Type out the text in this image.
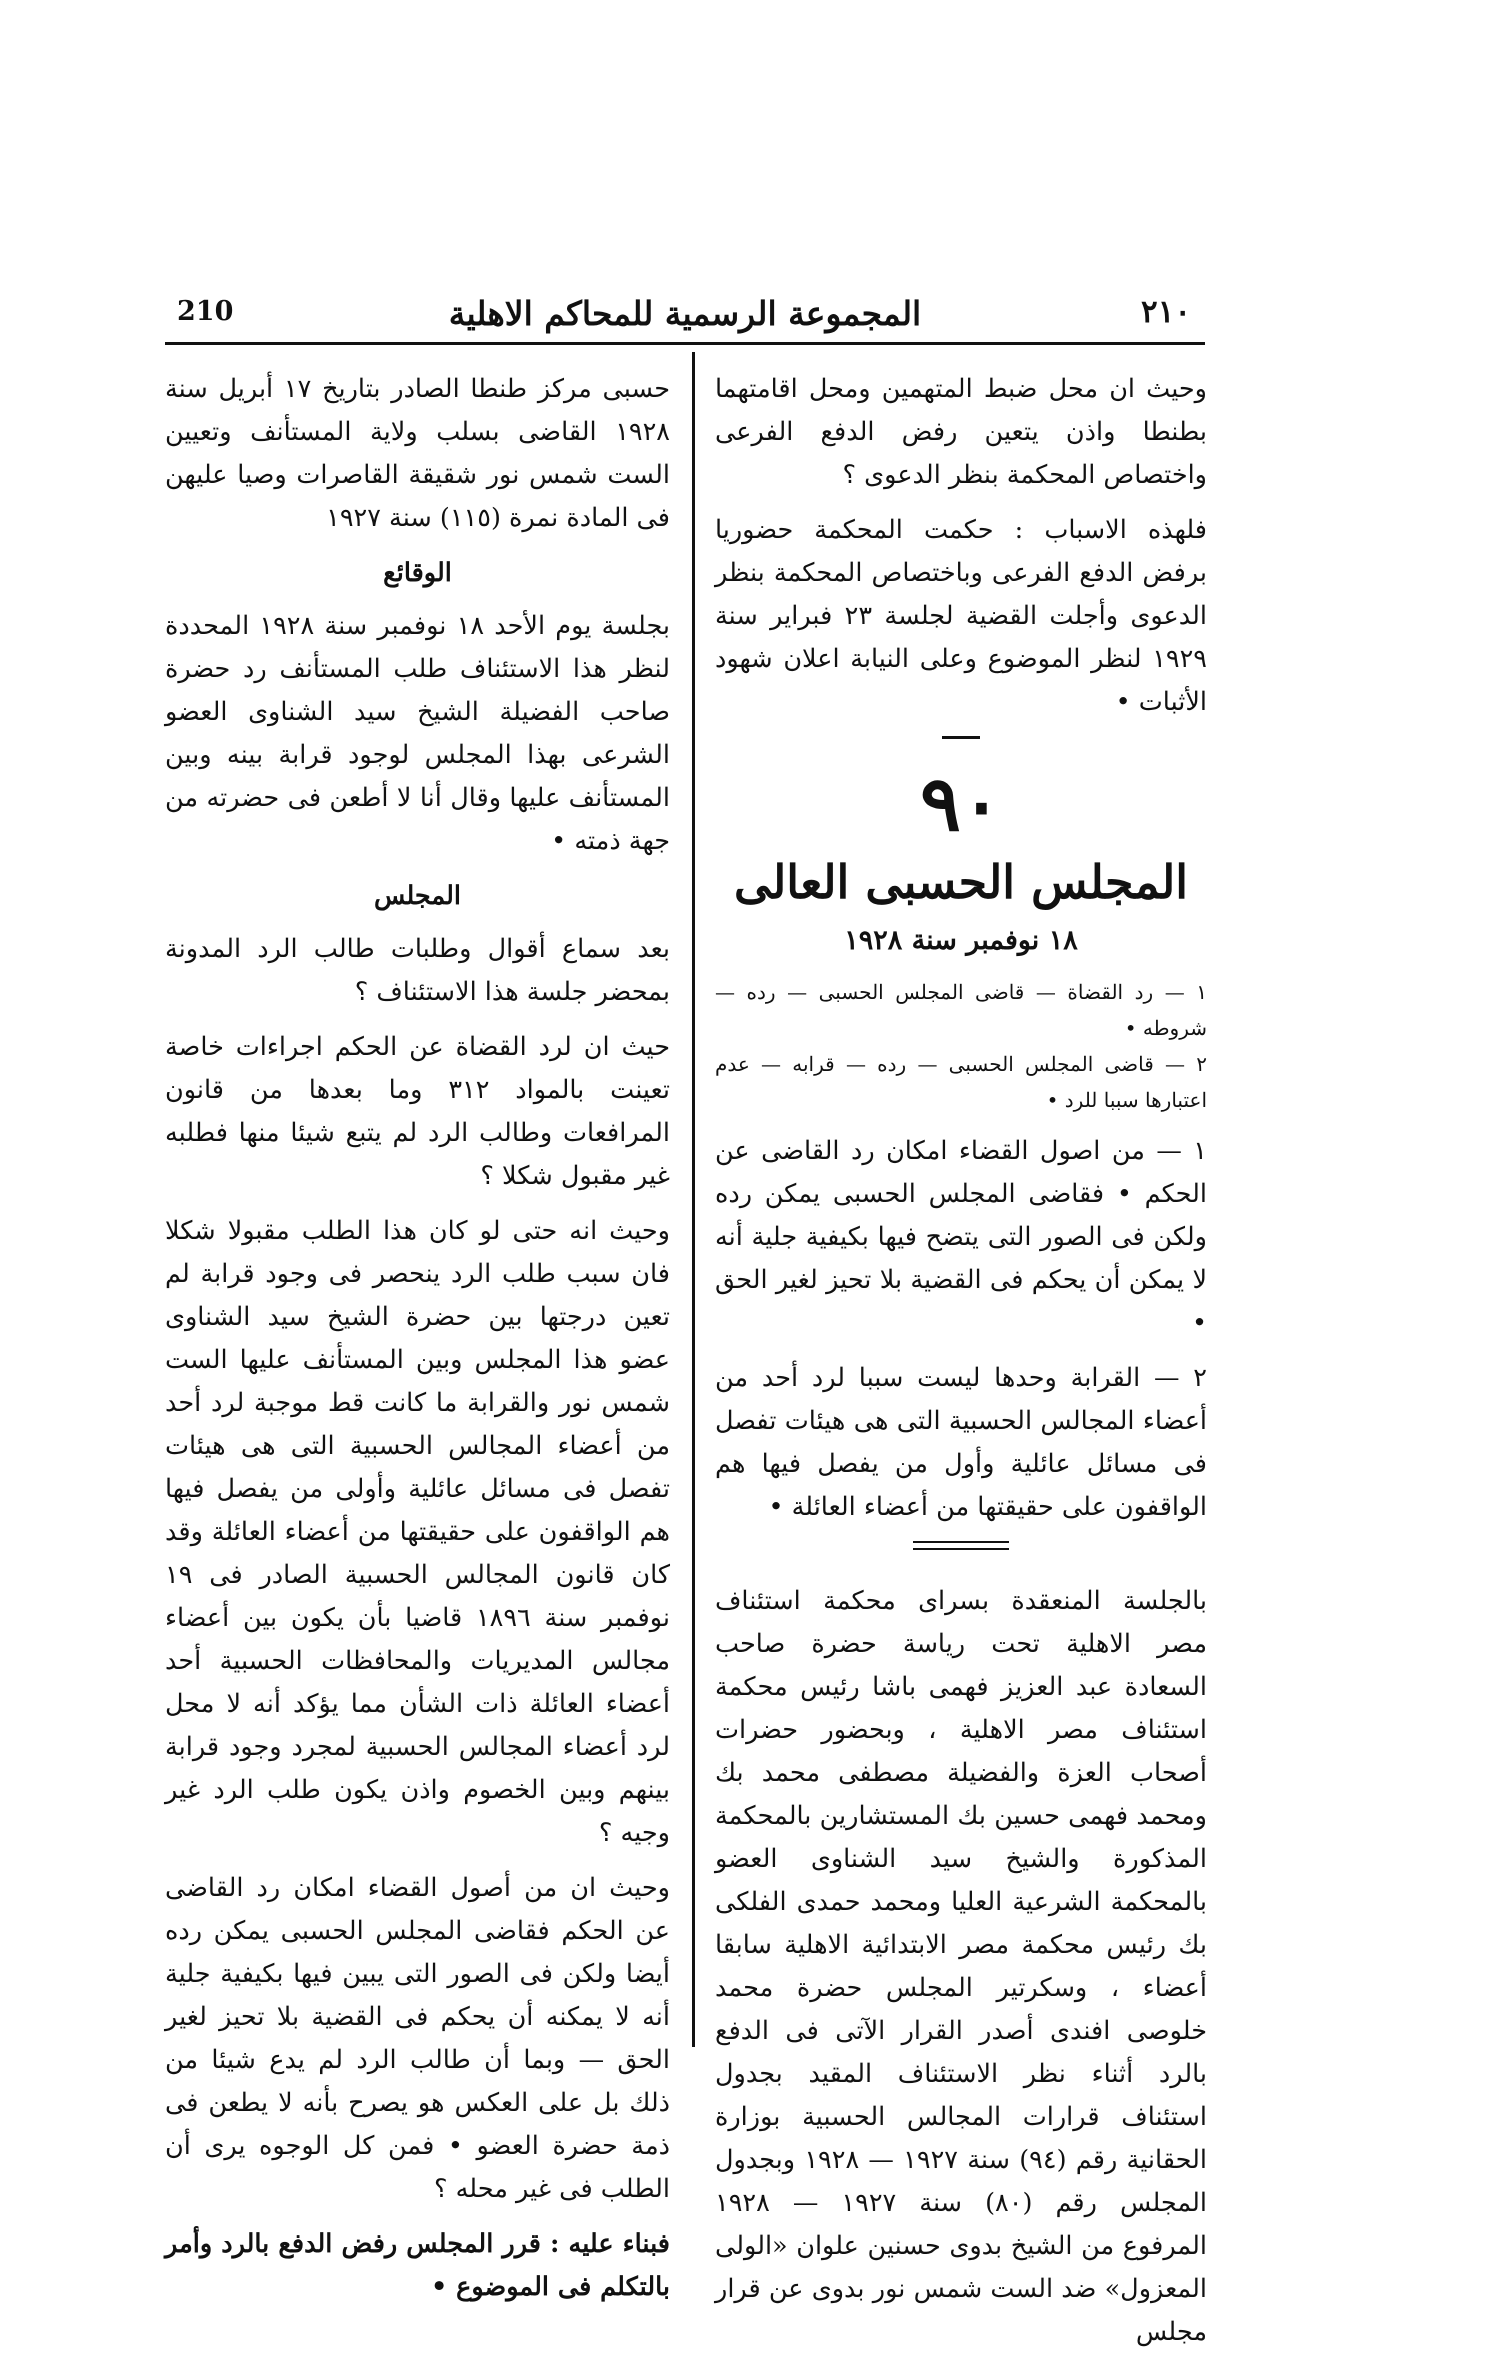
210	المجموعة الرسمية للمحاكم الاهلية	٢١٠

وحيث ان محل ضبط المتهمين ومحل اقامتهما بطنطا واذن يتعين رفض الدفع الفرعى واختصاص المحكمة بنظر الدعوى ؟

فلهذه الاسباب : حكمت المحكمة حضوريا برفض الدفع الفرعى وباختصاص المحكمة بنظر الدعوى وأجلت القضية لجلسة ٢٣ فبراير سنة ١٩٢٩ لنظر الموضوع وعلى النيابة اعلان شهود الأثبات •

٩٠
المجلس الحسبى العالى
١٨ نوفمبر سنة ١٩٢٨
١ — رد القضاة — قاضى المجلس الحسبى — رده — شروطه •
٢ — قاضى المجلس الحسبى — رده — قرابه — عدم اعتبارها سببا للرد •

١ — من اصول القضاء امكان رد القاضى عن الحكم • فقاضى المجلس الحسبى يمكن رده ولكن فى الصور التى يتضح فيها بكيفية جلية أنه لا يمكن أن يحكم فى القضية بلا تحيز لغير الحق •

٢ — القرابة وحدها ليست سببا لرد أحد من أعضاء المجالس الحسبية التى هى هيئات تفصل فى مسائل عائلية وأول من يفصل فيها هم الواقفون على حقيقتها من أعضاء العائلة •

بالجلسة المنعقدة بسراى محكمة استئناف مصر الاهلية تحت رياسة حضرة صاحب السعادة عبد العزيز فهمى باشا رئيس محكمة استئناف مصر الاهلية ، وبحضور حضرات أصحاب العزة والفضيلة مصطفى محمد بك ومحمد فهمى حسين بك المستشارين بالمحكمة المذكورة والشيخ سيد الشناوى العضو بالمحكمة الشرعية العليا ومحمد حمدى الفلكى بك رئيس محكمة مصر الابتدائية الاهلية سابقا أعضاء ، وسكرتير المجلس حضرة محمد خلوصى افندى أصدر القرار الآتى فى الدفع بالرد أثناء نظر الاستئناف المقيد بجدول استئناف قرارات المجالس الحسبية بوزارة الحقانية رقم (٩٤) سنة ١٩٢٧ — ١٩٢٨ وبجدول المجلس رقم (٨٠) سنة ١٩٢٧ — ١٩٢٨ المرفوع من الشيخ بدوى حسنين علوان «الولى المعزول» ضد الست شمس نور بدوى عن قرار مجلس

حسبى مركز طنطا الصادر بتاريخ ١٧ أبريل سنة ١٩٢٨ القاضى بسلب ولاية المستأنف وتعيين الست شمس نور شقيقة القاصرات وصيا عليهن فى المادة نمرة (١١٥) سنة ١٩٢٧

الوقائع

بجلسة يوم الأحد ١٨ نوفمبر سنة ١٩٢٨ المحددة لنظر هذا الاستئناف طلب المستأنف رد حضرة صاحب الفضيلة الشيخ سيد الشناوى العضو الشرعى بهذا المجلس لوجود قرابة بينه وبين المستأنف عليها وقال أنا لا أطعن فى حضرته من جهة ذمته •

المجلس

بعد سماع أقوال وطلبات طالب الرد المدونة بمحضر جلسة هذا الاستئناف ؟

حيث ان لرد القضاة عن الحكم اجراءات خاصة تعينت بالمواد ٣١٢ وما بعدها من قانون المرافعات وطالب الرد لم يتبع شيئا منها فطلبه غير مقبول شكلا ؟

وحيث انه حتى لو كان هذا الطلب مقبولا شكلا فان سبب طلب الرد ينحصر فى وجود قرابة لم تعين درجتها بين حضرة الشيخ سيد الشناوى عضو هذا المجلس وبين المستأنف عليها الست شمس نور والقرابة ما كانت قط موجبة لرد أحد من أعضاء المجالس الحسبية التى هى هيئات تفصل فى مسائل عائلية وأولى من يفصل فيها هم الواقفون على حقيقتها من أعضاء العائلة وقد كان قانون المجالس الحسبية الصادر فى ١٩ نوفمبر سنة ١٨٩٦ قاضيا بأن يكون بين أعضاء مجالس المديريات والمحافظات الحسبية أحد أعضاء العائلة ذات الشأن مما يؤكد أنه لا محل لرد أعضاء المجالس الحسبية لمجرد وجود قرابة بينهم وبين الخصوم واذن يكون طلب الرد غير وجيه ؟

وحيث ان من أصول القضاء امكان رد القاضى عن الحكم فقاضى المجلس الحسبى يمكن رده أيضا ولكن فى الصور التى يبين فيها بكيفية جلية أنه لا يمكنه أن يحكم فى القضية بلا تحيز لغير الحق — وبما أن طالب الرد لم يدع شيئا من ذلك بل على العكس هو يصرح بأنه لا يطعن فى ذمة حضرة العضو • فمن كل الوجوه يرى أن الطلب فى غير محله ؟

فبناء عليه : قرر المجلس رفض الدفع بالرد وأمر بالتكلم فى الموضوع •
